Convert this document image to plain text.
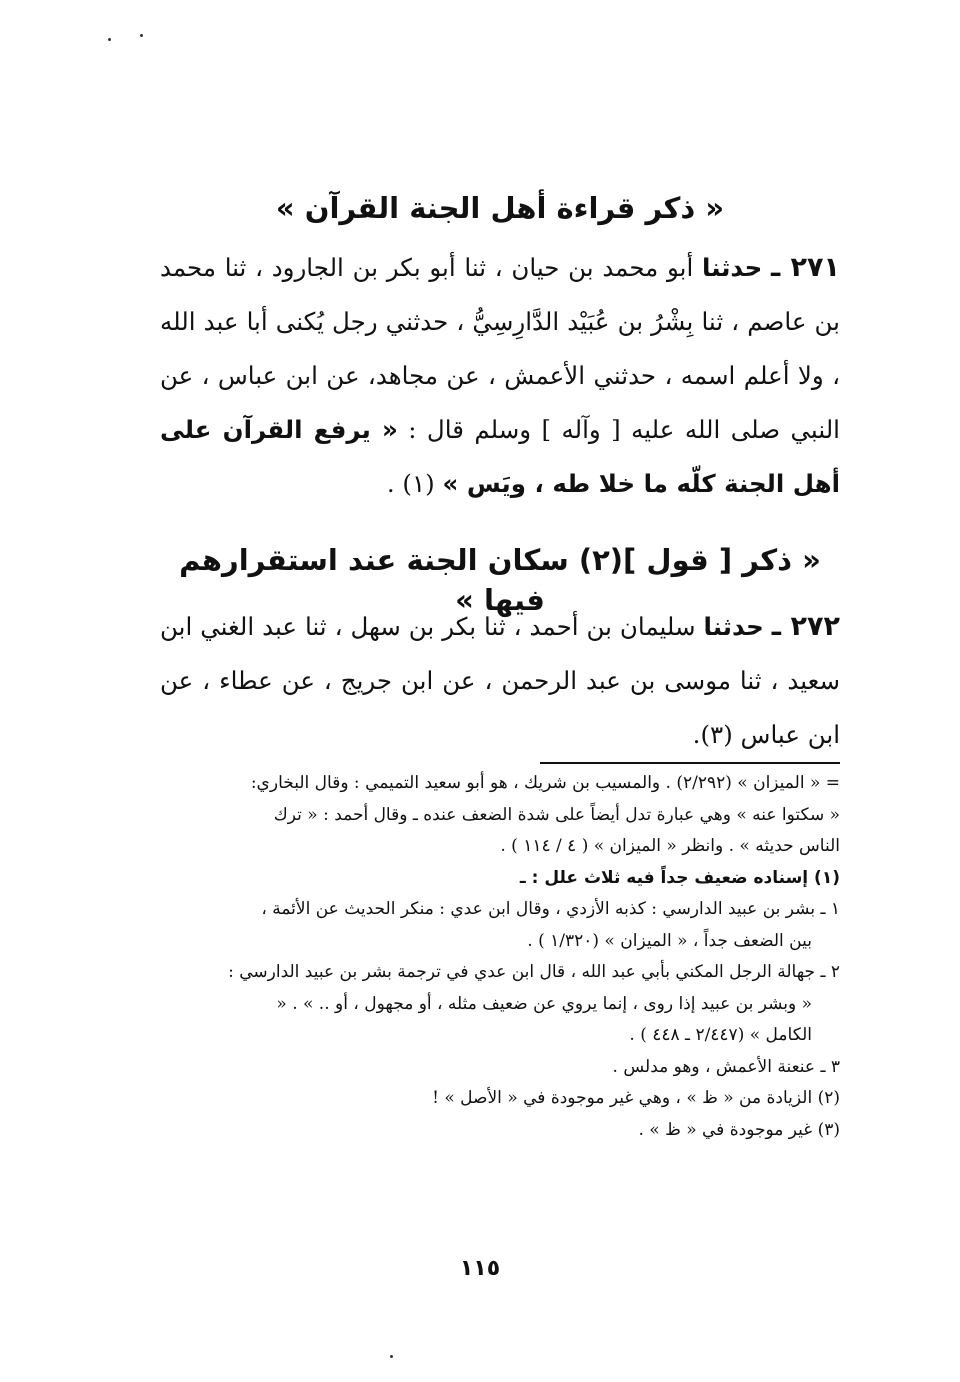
« ذكر قراءة أهل الجنة القرآن »
٢٧١ ـ حدثنا أبو محمد بن حيان ، ثنا أبو بكر بن الجارود ، ثنا محمد بن عاصم ، ثنا بِشْرُ بن عُبَيْد الدَّارِسِيُّ ، حدثني رجل يُكنى أبا عبد الله ، ولا أعلم اسمه ، حدثني الأعمش ، عن مجاهد، عن ابن عباس ، عن النبي صلى الله عليه [ وآله ] وسلم قال : « يرفع القرآن على أهل الجنة كلّه ما خلا طه ، ويَس » (١) .
« ذكر [ قول ](٢) سكان الجنة عند استقرارهم فيها »
٢٧٢ ـ حدثنا سليمان بن أحمد ، ثنا بكر بن سهل ، ثنا عبد الغني ابن سعيد ، ثنا موسى بن عبد الرحمن ، عن ابن جريج ، عن عطاء ، عن ابن عباس (٣).
= « الميزان » (٢/٢٩٢) . والمسيب بن شريك ، هو أبو سعيد التميمي : وقال البخاري:
« سكتوا عنه » وهي عبارة تدل أيضاً على شدة الضعف عنده ـ وقال أحمد : « ترك
الناس حديثه » . وانظر « الميزان » ( ٤ / ١١٤ ) .
(١) إسناده ضعيف جداً فيه ثلاث علل : ـ
١ ـ بشر بن عبيد الدارسي : كذبه الأزدي ، وقال ابن عدي : منكر الحديث عن الأئمة ،
بين الضعف جداً ، « الميزان » (١/٣٢٠ ) .
٢ ـ جهالة الرجل المكني بأبي عبد الله ، قال ابن عدي في ترجمة بشر بن عبيد الدارسي :
« وبشر بن عبيد إذا روى ، إنما يروي عن ضعيف مثله ، أو مجهول ، أو .. » . «
الكامل » (٢/٤٤٧ ـ ٤٤٨ ) .
٣ ـ عنعنة الأعمش ، وهو مدلس .
(٢) الزيادة من « ظ » ، وهي غير موجودة في « الأصل » !
(٣) غير موجودة في « ظ » .
١١٥
